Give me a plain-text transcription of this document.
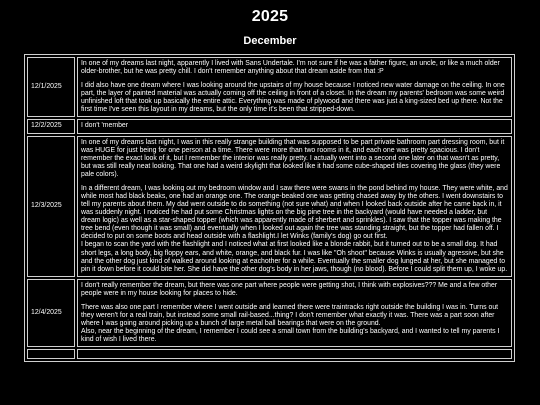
2025
December
12/1/2025	In one of my dreams last night, apparently I lived with Sans Undertale. I'm not sure if he was a father figure, an uncle, or like a much older older-brother, but he was pretty chill. I don't remember anything about that dream aside from that :P

I did also have one dream where I was looking around the upstairs of my house because I noticed new water damage on the ceiling. In one part, the layer of painted material was actually coming off the ceiling in front of a closet. In the dream my parents' bedroom was some weird unfinished loft that took up basically the entire attic. Everything was made of plywood and there was just a king-sized bed up there. Not the first time I've seen this layout in my dreams, but the only time it's been that stripped-down.

12/2/2025	I don't 'member

12/3/2025	In one of my dreams last night, I was in this really strange building that was supposed to be part private bathroom part dressing room, but it was HUGE for just being for one person at a time. There were more than two rooms in it, and each one was pretty spacious. I don't remember the exact look of it, but I remember the interior was really pretty. I actually went into a second one later on that wasn't as pretty, but was still really neat looking. That one had a weird skylight that looked like it had some cube-shaped tiles covering the glass (they were pale colors).

In a different dream, I was looking out my bedroom window and I saw there were swans in the pond behind my house. They were white, and while most had black beaks, one had an orange one. The orange-beaked one was getting chased away by the others. I went downstairs to tell my parents about them. My dad went outside to do something (not sure what) and when I looked back outside after he came back in, it was suddenly night. I noticed he had put some Christmas lights on the big pine tree in the backyard (would have needed a ladder, but dream logic) as well as a star-shaped topper (which was apparently made of sherbert and sprinkles). I saw that the topper was making the tree bend (even though it was small) and eventually when I looked out again the tree was standing straight, but the topper had fallen off. I decided to put on some boots and head outside with a flashlight.I let Winks (family's dog) go out first.
I began to scan the yard with the flashlight and I noticed what at first looked like a blonde rabbit, but it turned out to be a small dog. It had short legs, a long body, big floppy ears, and white, orange, and black fur. I was like "Oh shoot" because Winks is usually agressive, but she and the other dog just kind of walked around looking at eachother for a while. Eventually the smaller dog lunged at her, but she managed to pin it down before it could bite her. She did have the other dog's body in her jaws, though (no blood). Before I could split them up, I woke up.

12/4/2025	I don't really remember the dream, but there was one part where people were getting shot, I think with explosives??? Me and a few other people were in my house looking for places to hide.

There was also one part I remember where I went outside and learned there were traintracks right outside the building I was in. Turns out they weren't for a real train, but instead some small rail-based...thing? I don't remember what exactly it was. There was a part soon after where I was going around picking up a bunch of large metal ball bearings that were on the ground.
Also, near the beginning of the dream, I remember I could see a small town from the building's backyard, and I wanted to tell my parents I kind of wish I lived there.
